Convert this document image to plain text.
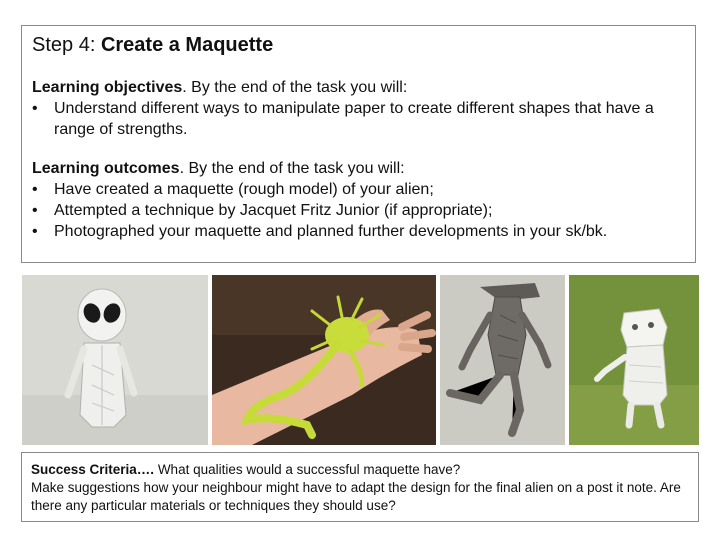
Step 4: Create a Maquette
Learning objectives. By the end of the task you will:
•	Understand different ways to manipulate paper to create different shapes that have a range of strengths.
Learning outcomes. By the end of the task you will:
•	Have created a maquette (rough model) of your alien;
•	Attempted a technique by Jacquet Fritz Junior (if appropriate);
•	Photographed your maquette and planned further developments in your sk/bk.
Success Criteria…. What qualities would a successful maquette have?
Make suggestions how your neighbour might have to adapt the design for the final alien on a post it note. Are there any particular materials or techniques they should use?
